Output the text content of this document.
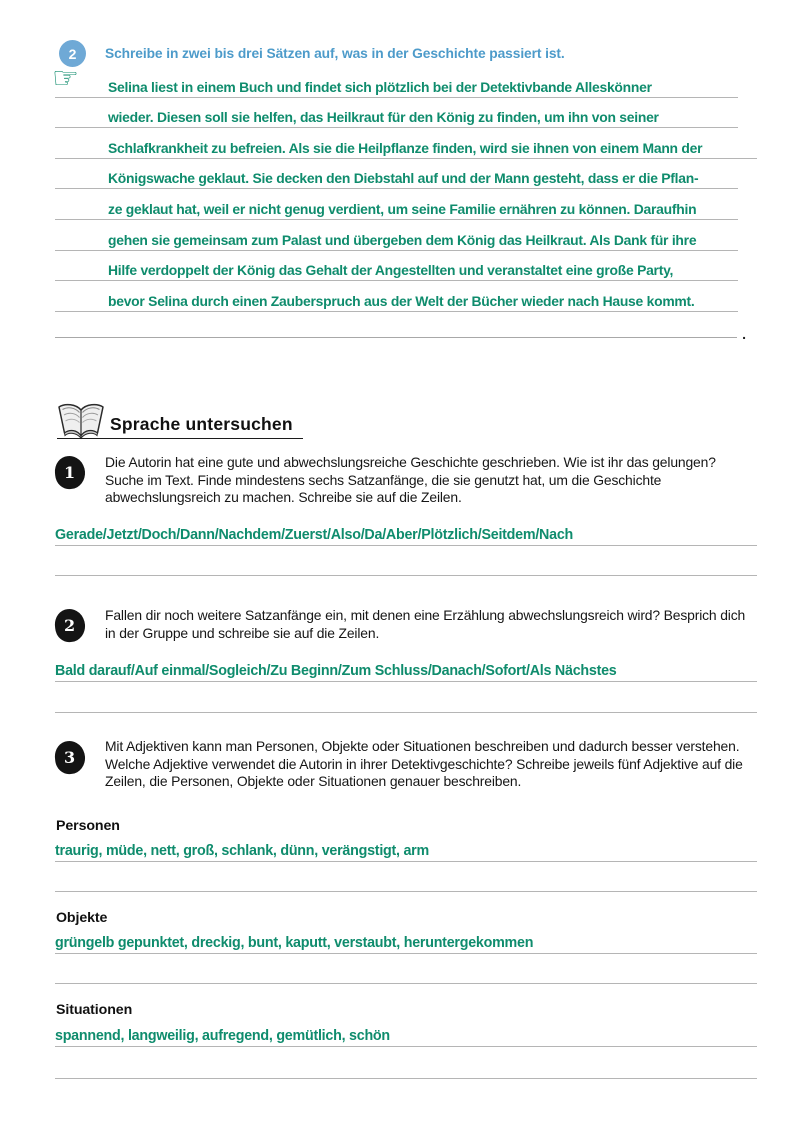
2	Schreibe in zwei bis drei Sätzen auf, was in der Geschichte passiert ist.
☞ Selina liest in einem Buch und findet sich plötzlich bei der Detektivbande Alleskönner
wieder. Diesen soll sie helfen, das Heilkraut für den König zu finden, um ihn von seiner
Schlafkrankheit zu befreien. Als sie die Heilpflanze finden, wird sie ihnen von einem Mann der
Königswache geklaut. Sie decken den Diebstahl auf und der Mann gesteht, dass er die Pflan-
ze geklaut hat, weil er nicht genug verdient, um seine Familie ernähren zu können. Daraufhin
gehen sie gemeinsam zum Palast und übergeben dem König das Heilkraut. Als Dank für ihre
Hilfe verdoppelt der König das Gehalt der Angestellten und veranstaltet eine große Party,
bevor Selina durch einen Zauberspruch aus der Welt der Bücher wieder nach Hause kommt.
.
Sprache untersuchen
1
Die Autorin hat eine gute und abwechslungsreiche Geschichte geschrieben. Wie ist ihr das gelungen? Suche im Text. Finde mindestens sechs Satzanfänge, die sie genutzt hat, um die Geschichte abwechslungsreich zu machen. Schreibe sie auf die Zeilen.
Gerade/Jetzt/Doch/Dann/Nachdem/Zuerst/Also/Da/Aber/Plötzlich/Seitdem/Nach
2
Fallen dir noch weitere Satzanfänge ein, mit denen eine Erzählung abwechslungsreich wird? Besprich dich in der Gruppe und schreibe sie auf die Zeilen.
Bald darauf/Auf einmal/Sogleich/Zu Beginn/Zum Schluss/Danach/Sofort/Als Nächstes
3
Mit Adjektiven kann man Personen, Objekte oder Situationen beschreiben und dadurch besser verstehen. Welche Adjektive verwendet die Autorin in ihrer Detektivgeschichte? Schreibe jeweils fünf Adjektive auf die Zeilen, die Personen, Objekte oder Situationen genauer beschreiben.
Personen
traurig, müde, nett, groß, schlank, dünn, verängstigt, arm
Objekte
grüngelb gepunktet, dreckig, bunt, kaputt, verstaubt, heruntergekommen
Situationen
spannend, langweilig, aufregend, gemütlich, schön
